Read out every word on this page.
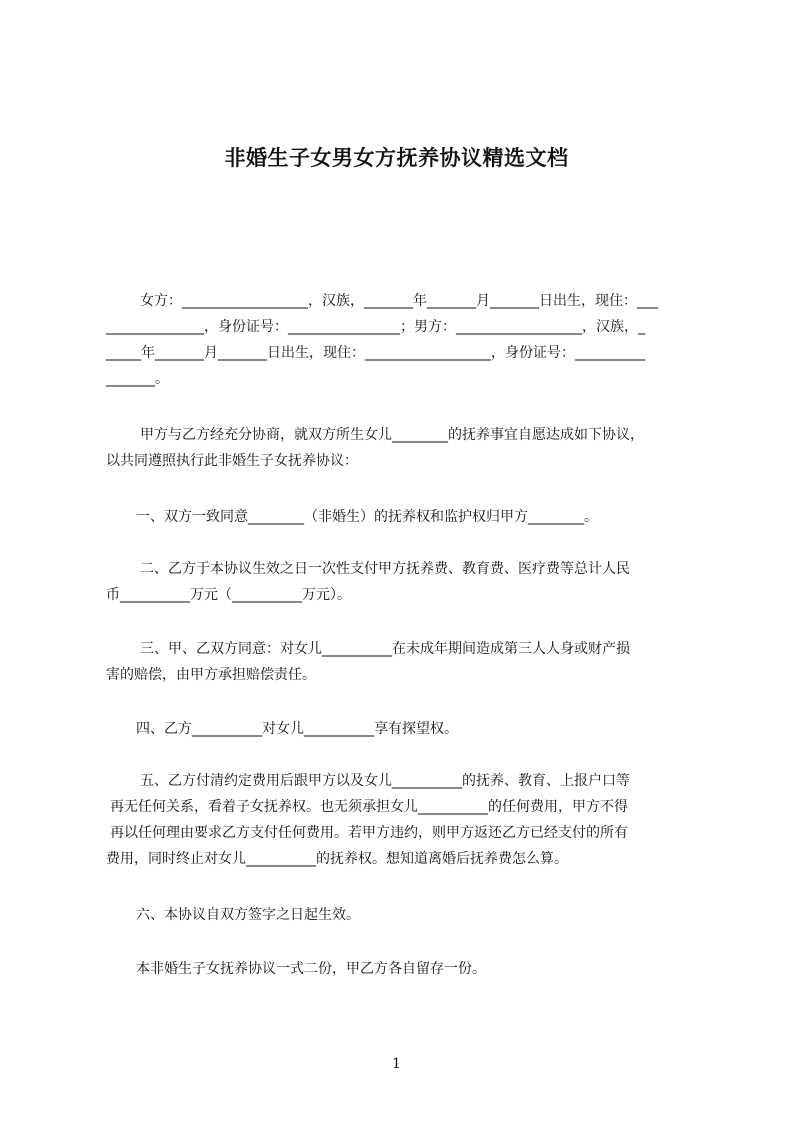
非婚生子女男女方抚养协议精选文档
女方：__________________，汉族，_______年_______月_______日出生，现住：___
______________，身份证号：________________；男方：__________________，汉族，_
_____年_______月_______日出生，现住：__________________，身份证号：__________
_______。
甲方与乙方经充分协商，就双方所生女儿________的抚养事宜自愿达成如下协议，
以共同遵照执行此非婚生子女抚养协议：
一、双方一致同意________（非婚生）的抚养权和监护权归甲方________。
二、乙方于本协议生效之日一次性支付甲方抚养费、教育费、医疗费等总计人民
币__________万元（__________万元）。
三、甲、乙双方同意：对女儿__________在未成年期间造成第三人人身或财产损
害的赔偿，由甲方承担赔偿责任。
四、乙方__________对女儿__________享有探望权。
五、乙方付清约定费用后跟甲方以及女儿__________的抚养、教育、上报户口等
再无任何关系，看着子女抚养权。也无须承担女儿__________的任何费用，甲方不得
再以任何理由要求乙方支付任何费用。若甲方违约，则甲方返还乙方已经支付的所有
费用，同时终止对女儿__________的抚养权。想知道离婚后抚养费怎么算。
六、本协议自双方签字之日起生效。
本非婚生子女抚养协议一式二份，甲乙方各自留存一份。
1
